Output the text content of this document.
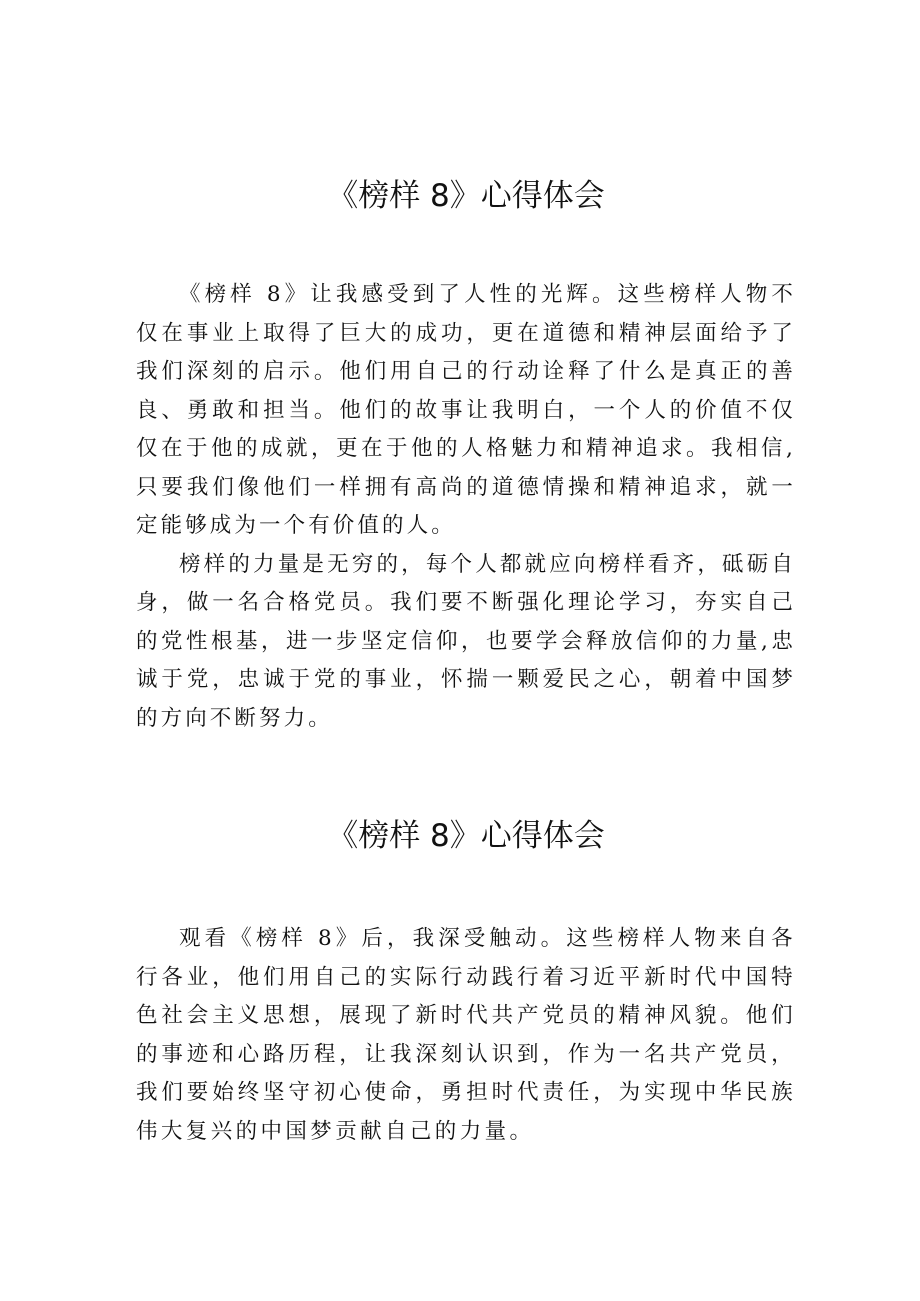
《榜样 8》心得体会

《榜样 8》让我感受到了人性的光辉。这些榜样人物不仅在事业上取得了巨大的成功，更在道德和精神层面给予了我们深刻的启示。他们用自己的行动诠释了什么是真正的善良、勇敢和担当。他们的故事让我明白，一个人的价值不仅仅在于他的成就，更在于他的人格魅力和精神追求。我相信,只要我们像他们一样拥有高尚的道德情操和精神追求，就一定能够成为一个有价值的人。

榜样的力量是无穷的，每个人都就应向榜样看齐，砥砺自身，做一名合格党员。我们要不断强化理论学习，夯实自己的党性根基，进一步坚定信仰，也要学会释放信仰的力量,忠诚于党，忠诚于党的事业，怀揣一颗爱民之心，朝着中国梦的方向不断努力。

《榜样 8》心得体会

观看《榜样 8》后，我深受触动。这些榜样人物来自各行各业，他们用自己的实际行动践行着习近平新时代中国特色社会主义思想，展现了新时代共产党员的精神风貌。他们的事迹和心路历程，让我深刻认识到，作为一名共产党员，我们要始终坚守初心使命，勇担时代责任，为实现中华民族伟大复兴的中国梦贡献自己的力量。
